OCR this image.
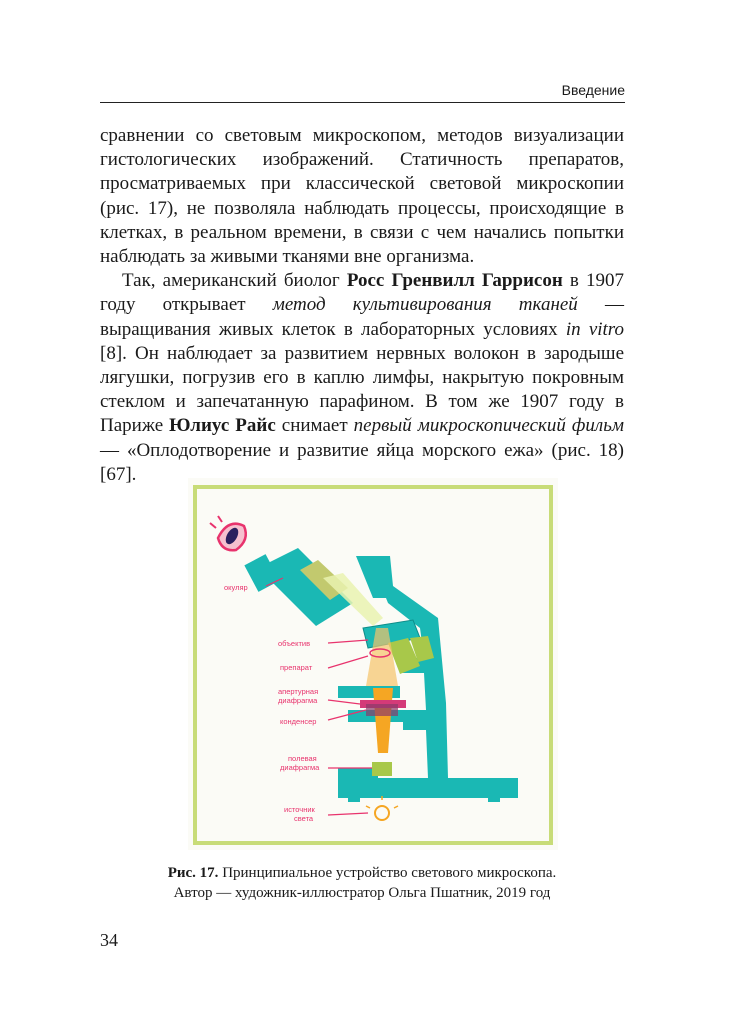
Введение

сравнении со световым микроскопом, методов визуализации гистологических изображений. Статичность препаратов, просматриваемых при классической световой микроскопии (рис. 17), не позволяла наблюдать процессы, происходящие в клетках, в реальном времени, в связи с чем начались попытки наблюдать за живыми тканями вне организма.

Так, американский биолог Росс Гренвилл Гаррисон в 1907 году открывает метод культивирования тканей — выращивания живых клеток в лабораторных условиях in vitro [8]. Он наблюдает за развитием нервных волокон в зародыше лягушки, погрузив его в каплю лимфы, накрытую покровным стеклом и запечатанную парафином. В том же 1907 году в Париже Юлиус Райс снимает первый микроскопический фильм — «Оплодотворение и развитие яйца морского ежа» (рис. 18) [67].

окуляр
объектив
препарат
апертурная
диафрагма
конденсер
полевая
диафрагма
источник
света
Рис. 17. Принципиальное устройство светового микроскопа.
Автор — художник-иллюстратор Ольга Пшатник, 2019 год
34
